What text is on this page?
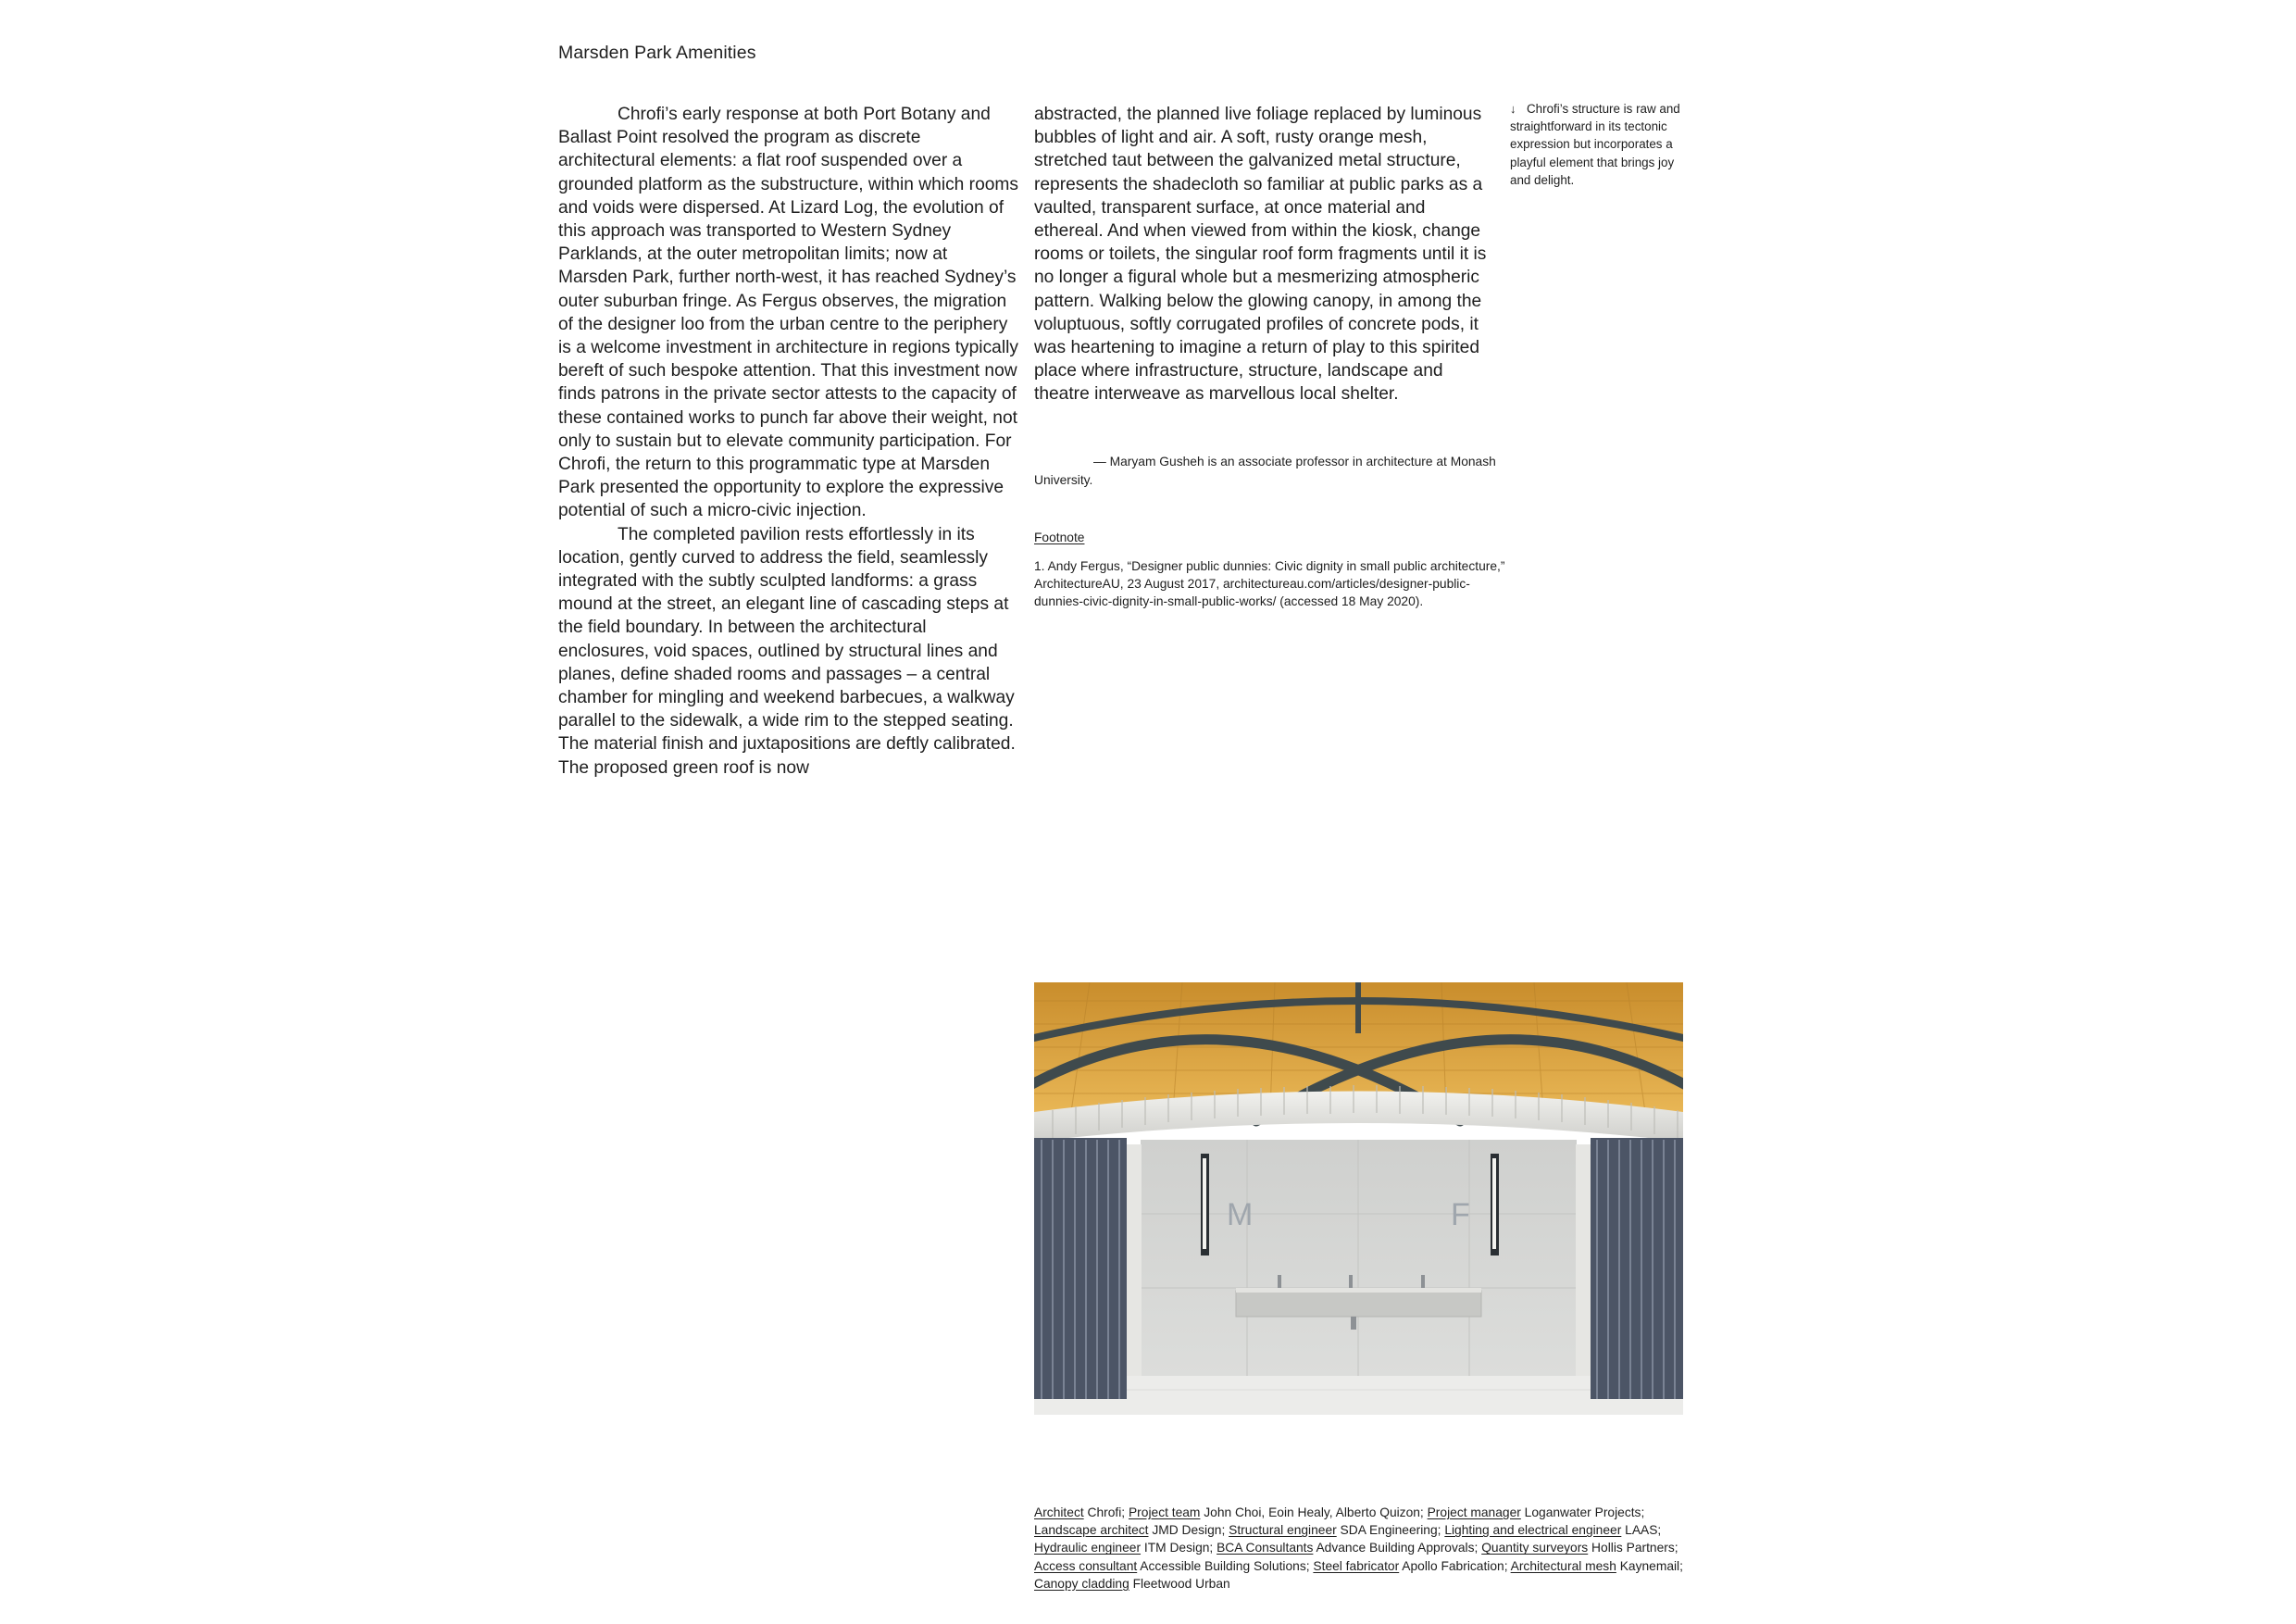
Marsden Park Amenities

Chrofi’s early response at both Port Botany and Ballast Point resolved the program as discrete architectural elements: a flat roof suspended over a grounded platform as the substructure, within which rooms and voids were dispersed. At Lizard Log, the evolution of this approach was transported to Western Sydney Parklands, at the outer metropolitan limits; now at Marsden Park, further north-west, it has reached Sydney’s outer suburban fringe. As Fergus observes, the migration of the designer loo from the urban centre to the periphery is a welcome investment in architecture in regions typically bereft of such bespoke attention. That this investment now finds patrons in the private sector attests to the capacity of these contained works to punch far above their weight, not only to sustain but to elevate community participation. For Chrofi, the return to this programmatic type at Marsden Park presented the opportunity to explore the expressive potential of such a micro-civic injection.

The completed pavilion rests effortlessly in its location, gently curved to address the field, seamlessly integrated with the subtly sculpted landforms: a grass mound at the street, an elegant line of cascading steps at the field boundary. In between the architectural enclosures, void spaces, outlined by structural lines and planes, define shaded rooms and passages – a central chamber for mingling and weekend barbecues, a walkway parallel to the sidewalk, a wide rim to the stepped seating. The material finish and juxtapositions are deftly calibrated. The proposed green roof is now

abstracted, the planned live foliage replaced by luminous bubbles of light and air. A soft, rusty orange mesh, stretched taut between the galvanized metal structure, represents the shadecloth so familiar at public parks as a vaulted, transparent surface, at once material and ethereal. And when viewed from within the kiosk, change rooms or toilets, the singular roof form fragments until it is no longer a figural whole but a mesmerizing atmospheric pattern. Walking below the glowing canopy, in among the voluptuous, softly corrugated profiles of concrete pods, it was heartening to imagine a return of play to this spirited place where infrastructure, structure, landscape and theatre interweave as marvellous local shelter.

↓ Chrofi’s structure is raw and straightforward in its tectonic expression but incorporates a playful element that brings joy and delight.
— Maryam Gusheh is an associate professor in architecture at Monash University.
Footnote
1. Andy Fergus, “Designer public dunnies: Civic dignity in small public architecture,” ArchitectureAU, 23 August 2017, architectureau.com/articles/designer-public-dunnies-civic-dignity-in-small-public-works/ (accessed 18 May 2020).
M	F
Architect Chrofi; Project team John Choi, Eoin Healy, Alberto Quizon; Project manager Loganwater Projects; Landscape architect JMD Design; Structural engineer SDA Engineering; Lighting and electrical engineer LAAS; Hydraulic engineer ITM Design; BCA Consultants Advance Building Approvals; Quantity surveyors Hollis Partners; Access consultant Accessible Building Solutions; Steel fabricator Apollo Fabrication; Architectural mesh Kaynemail; Canopy cladding Fleetwood Urban
